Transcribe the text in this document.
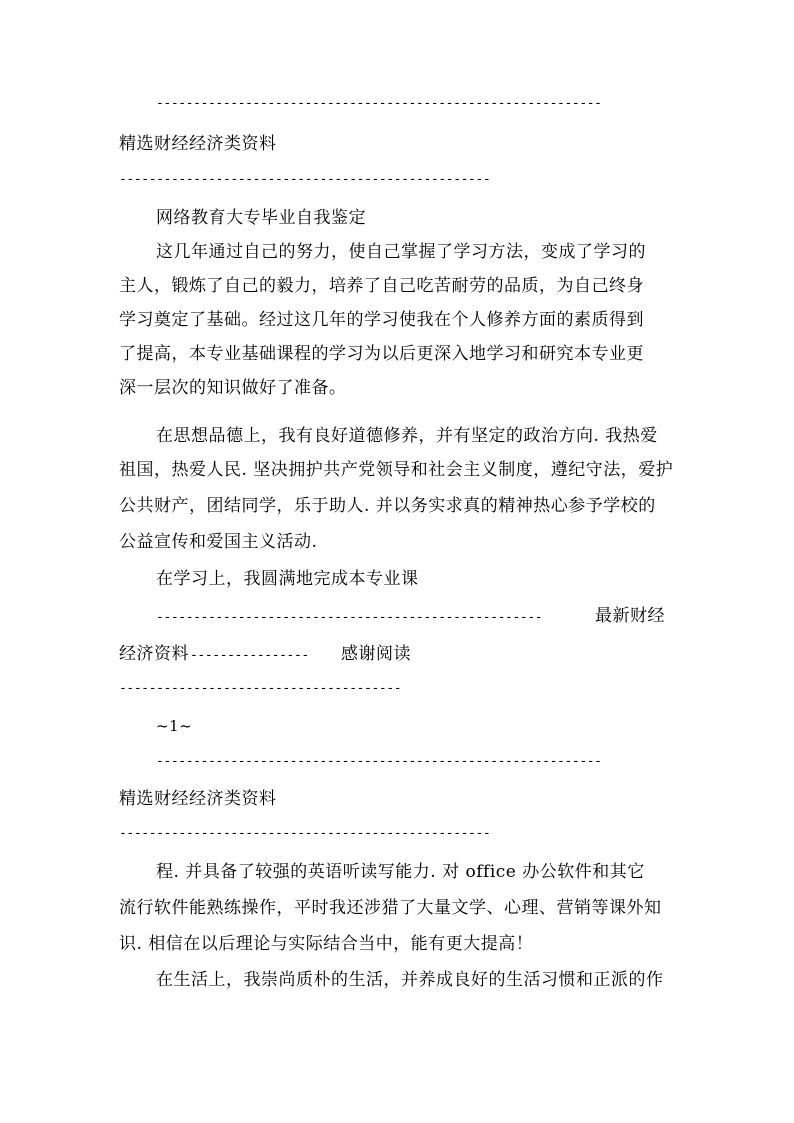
------------------------------------------------------------
精选财经经济类资料
--------------------------------------------------
网络教育大专毕业自我鉴定
这几年通过自己的努力，使自己掌握了学习方法，变成了学习的
主人，锻炼了自己的毅力，培养了自己吃苦耐劳的品质，为自己终身
学习奠定了基础。经过这几年的学习使我在个人修养方面的素质得到
了提高，本专业基础课程的学习为以后更深入地学习和研究本专业更
深一层次的知识做好了准备。
在思想品德上，我有良好道德修养，并有坚定的政治方向. 我热爱
祖国，热爱人民. 坚决拥护共产党领导和社会主义制度，遵纪守法，爱护
公共财产，团结同学，乐于助人. 并以务实求真的精神热心参予学校的
公益宣传和爱国主义活动.
在学习上，我圆满地完成本专业课
----------------------------------------------------	最新财经
经济资料 ----------------	感谢阅读
--------------------------------------
~1~
------------------------------------------------------------
精选财经经济类资料
--------------------------------------------------
程. 并具备了较强的英语听读写能力. 对 office 办公软件和其它
流行软件能熟练操作，平时我还涉猎了大量文学、心理、营销等课外知
识. 相信在以后理论与实际结合当中，能有更大提高！
在生活上，我崇尚质朴的生活，并养成良好的生活习惯和正派的作
